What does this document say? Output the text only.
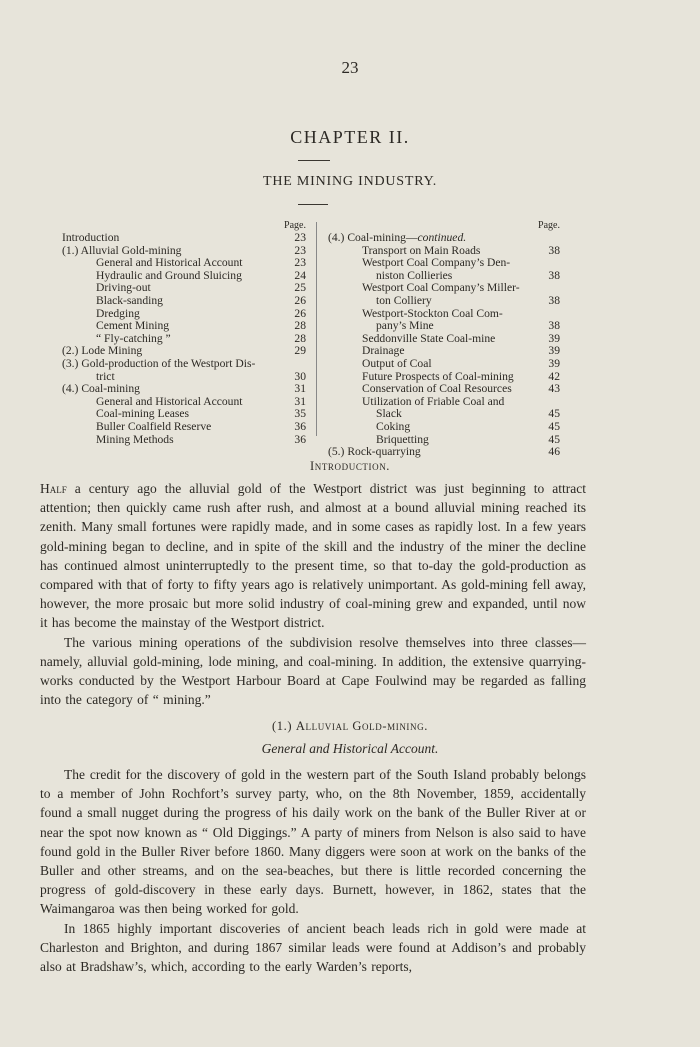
23
CHAPTER II.
THE MINING INDUSTRY.
Page.
Introduction	23
(1.) Alluvial Gold-mining	23
General and Historical Account	23
Hydraulic and Ground Sluicing	24
Driving-out	25
Black-sanding	26
Dredging	26
Cement Mining	28
“ Fly-catching ”	28
(2.) Lode Mining	29
(3.) Gold-production of the Westport Dis-
trict	30
(4.) Coal-mining	31
General and Historical Account	31
Coal-mining Leases	35
Buller Coalfield Reserve	36
Mining Methods	36
Page.
(4.) Coal-mining—continued.
Transport on Main Roads	38
Westport Coal Company’s Den-
niston Collieries	38
Westport Coal Company’s Miller-
ton Colliery	38
Westport-Stockton Coal Com-
pany’s Mine	38
Seddonville State Coal-mine	39
Drainage	39
Output of Coal	39
Future Prospects of Coal-mining	42
Conservation of Coal Resources	43
Utilization of Friable Coal and
Slack	45
Coking	45
Briquetting	45
(5.) Rock-quarrying	46
Introduction.

Half a century ago the alluvial gold of the Westport district was just beginning to attract attention; then quickly came rush after rush, and almost at a bound alluvial mining reached its zenith. Many small fortunes were rapidly made, and in some cases as rapidly lost. In a few years gold-mining began to decline, and in spite of the skill and the industry of the miner the decline has continued almost uninterruptedly to the present time, so that to-day the gold-production as compared with that of forty to fifty years ago is relatively unimportant. As gold-mining fell away, however, the more prosaic but more solid industry of coal-mining grew and expanded, until now it has become the mainstay of the Westport district.

The various mining operations of the subdivision resolve themselves into three classes—namely, alluvial gold-mining, lode mining, and coal-mining. In addition, the extensive quarrying-works conducted by the Westport Harbour Board at Cape Foulwind may be regarded as falling into the category of “ mining.”

(1.) Alluvial Gold-mining.
General and Historical Account.

The credit for the discovery of gold in the western part of the South Island probably belongs to a member of John Rochfort’s survey party, who, on the 8th November, 1859, accidentally found a small nugget during the progress of his daily work on the bank of the Buller River at or near the spot now known as “ Old Diggings.” A party of miners from Nelson is also said to have found gold in the Buller River before 1860. Many diggers were soon at work on the banks of the Buller and other streams, and on the sea-beaches, but there is little recorded concerning the progress of gold-discovery in these early days. Burnett, however, in 1862, states that the Waimangaroa was then being worked for gold.

In 1865 highly important discoveries of ancient beach leads rich in gold were made at Charleston and Brighton, and during 1867 similar leads were found at Addison’s and probably also at Bradshaw’s, which, according to the early Warden’s reports,
